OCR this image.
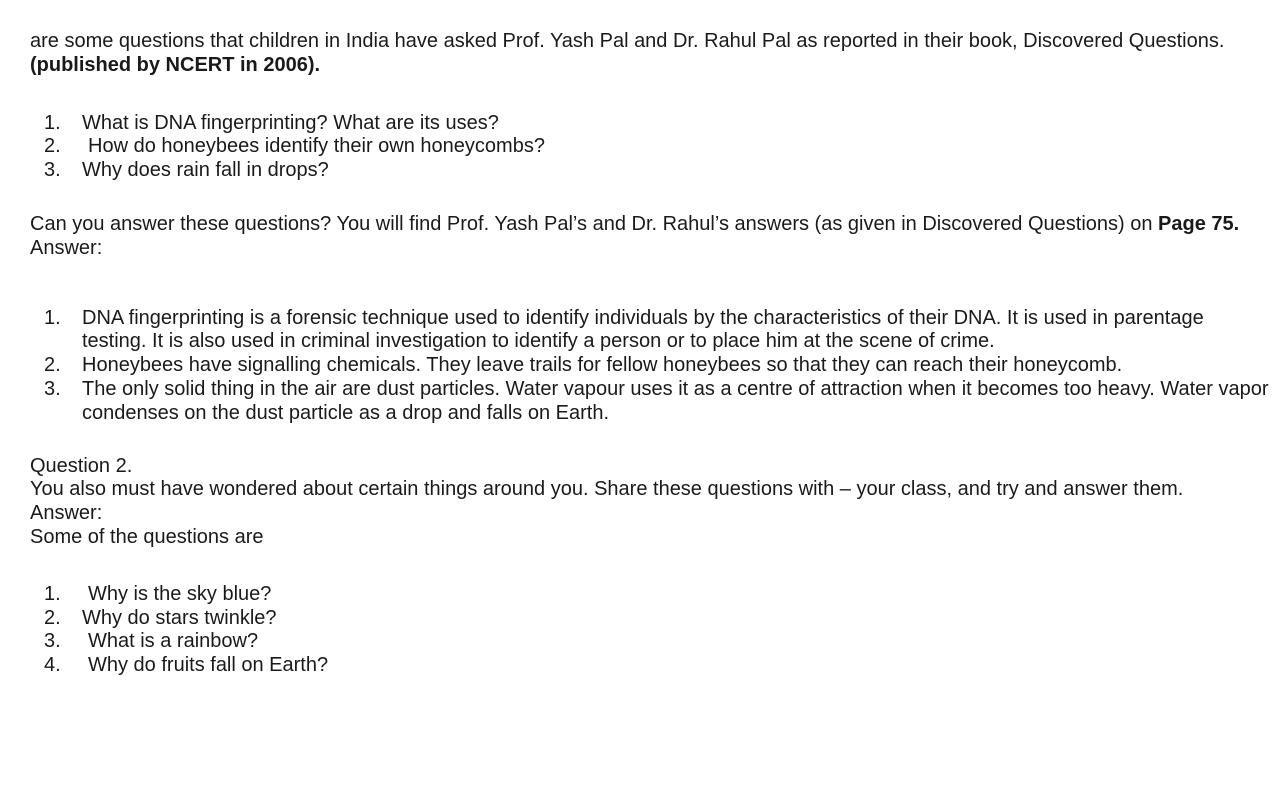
are some questions that children in India have asked Prof. Yash Pal and Dr. Rahul Pal as reported in their book, Discovered Questions. (published by NCERT in 2006).

1. What is DNA fingerprinting? What are its uses?
2. How do honeybees identify their own honeycombs?
3. Why does rain fall in drops?

Can you answer these questions? You will find Prof. Yash Pal’s and Dr. Rahul’s answers (as given in Discovered Questions) on Page 75.

Answer:

1. DNA fingerprinting is a forensic technique used to identify individuals by the characteristics of their DNA. It is used in parentage testing. It is also used in criminal investigation to identify a person or to place him at the scene of crime.
2. Honeybees have signalling chemicals. They leave trails for fellow honeybees so that they can reach their honeycomb.
3. The only solid thing in the air are dust particles. Water vapour uses it as a centre of attraction when it becomes too heavy. Water vapor condenses on the dust particle as a drop and falls on Earth.

Question 2.

You also must have wondered about certain things around you. Share these questions with – your class, and try and answer them.

Answer:

Some of the questions are

1. Why is the sky blue?
2. Why do stars twinkle?
3. What is a rainbow?
4. Why do fruits fall on Earth?
